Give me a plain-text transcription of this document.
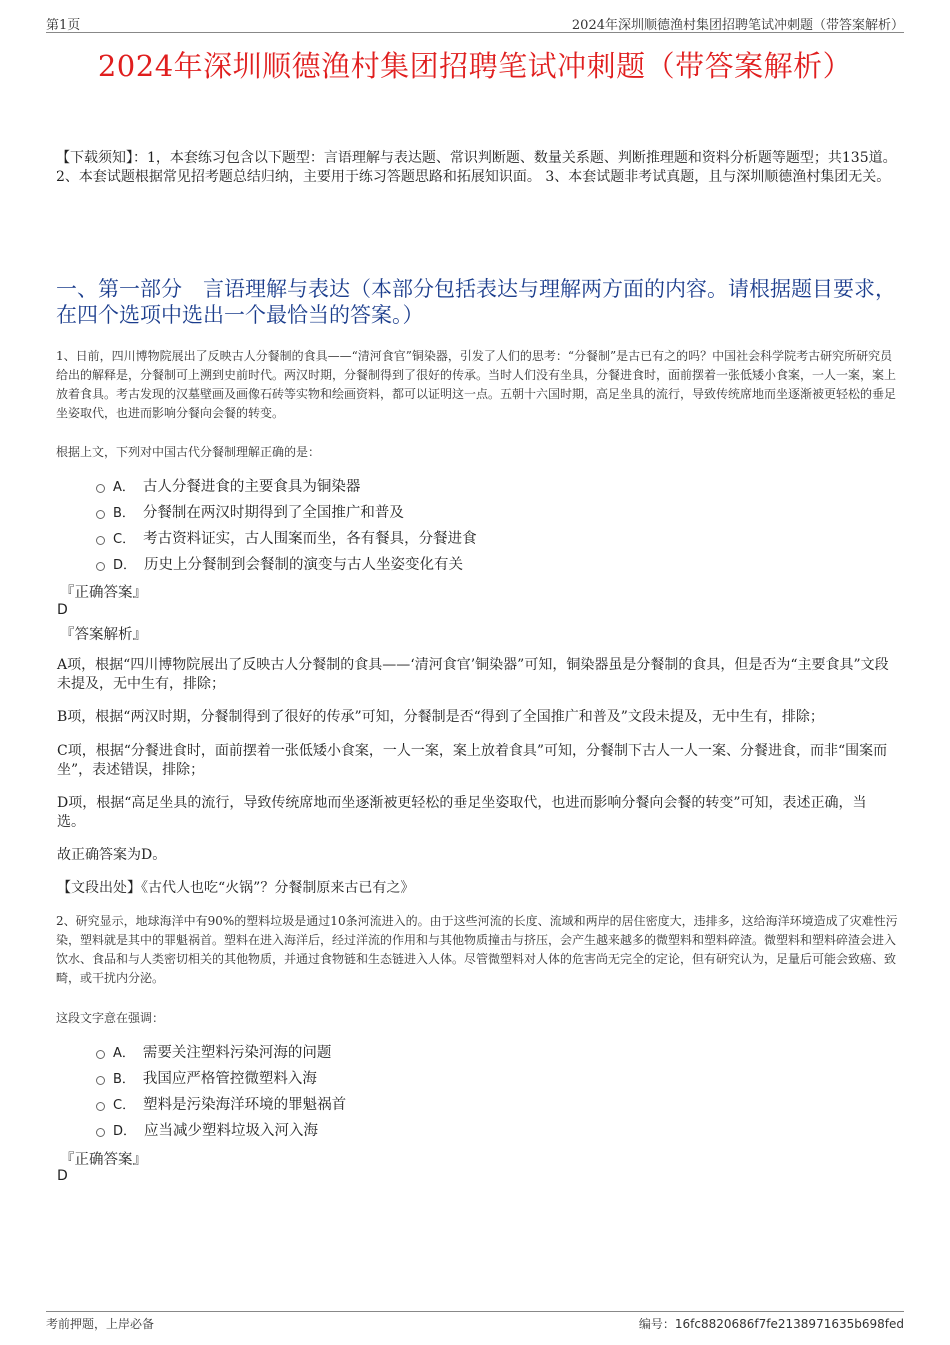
第1页	2024年深圳顺德渔村集团招聘笔试冲刺题（带答案解析）
2024年深圳顺德渔村集团招聘笔试冲刺题（带答案解析）
【下载须知】：1，本套练习包含以下题型：言语理解与表达题、常识判断题、数量关系题、判断推理题和资料分析题等题型；共135道。 2、本套试题根据常见招考题总结归纳，主要用于练习答题思路和拓展知识面。 3、本套试题非考试真题，且与深圳顺德渔村集团无关。
一、第一部分　言语理解与表达（本部分包括表达与理解两方面的内容。请根据题目要求，在四个选项中选出一个最恰当的答案。）
1、日前，四川博物院展出了反映古人分餐制的食具——“清河食官”铜染器，引发了人们的思考：“分餐制”是古已有之的吗？中国社会科学院考古研究所研究员给出的解释是，分餐制可上溯到史前时代。两汉时期，分餐制得到了很好的传承。当时人们没有坐具，分餐进食时，面前摆着一张低矮小食案，一人一案，案上放着食具。考古发现的汉墓壁画及画像石砖等实物和绘画资料，都可以证明这一点。五朝十六国时期，高足坐具的流行，导致传统席地而坐逐渐被更轻松的垂足坐姿取代，也进而影响分餐向会餐的转变。
根据上文，下列对中国古代分餐制理解正确的是：
A． 古人分餐进食的主要食具为铜染器
B． 分餐制在两汉时期得到了全国推广和普及
C． 考古资料证实，古人围案而坐，各有餐具，分餐进食
D． 历史上分餐制到会餐制的演变与古人坐姿变化有关
『正确答案』
D
『答案解析』
A项，根据“四川博物院展出了反映古人分餐制的食具——‘清河食官’铜染器”可知，铜染器虽是分餐制的食具，但是否为“主要食具”文段未提及，无中生有，排除；
B项，根据“两汉时期，分餐制得到了很好的传承”可知，分餐制是否“得到了全国推广和普及”文段未提及，无中生有，排除；
C项，根据“分餐进食时，面前摆着一张低矮小食案，一人一案，案上放着食具”可知，分餐制下古人一人一案、分餐进食，而非“围案而坐”，表述错误，排除；
D项，根据“高足坐具的流行，导致传统席地而坐逐渐被更轻松的垂足坐姿取代，也进而影响分餐向会餐的转变”可知，表述正确，当选。
故正确答案为D。
【文段出处】《古代人也吃“火锅”？分餐制原来古已有之》
2、研究显示，地球海洋中有90%的塑料垃圾是通过10条河流进入的。由于这些河流的长度、流域和两岸的居住密度大，违排多，这给海洋环境造成了灾难性污染，塑料就是其中的罪魁祸首。塑料在进入海洋后，经过洋流的作用和与其他物质撞击与挤压，会产生越来越多的微塑料和塑料碎渣。微塑料和塑料碎渣会进入饮水、食品和与人类密切相关的其他物质，并通过食物链和生态链进入人体。尽管微塑料对人体的危害尚无完全的定论，但有研究认为，足量后可能会致癌、致畸，或干扰内分泌。
这段文字意在强调：
A． 需要关注塑料污染河海的问题
B． 我国应严格管控微塑料入海
C． 塑料是污染海洋环境的罪魁祸首
D． 应当减少塑料垃圾入河入海
『正确答案』
D
考前押题，上岸必备	编号：16fc8820686f7fe2138971635b698fed
